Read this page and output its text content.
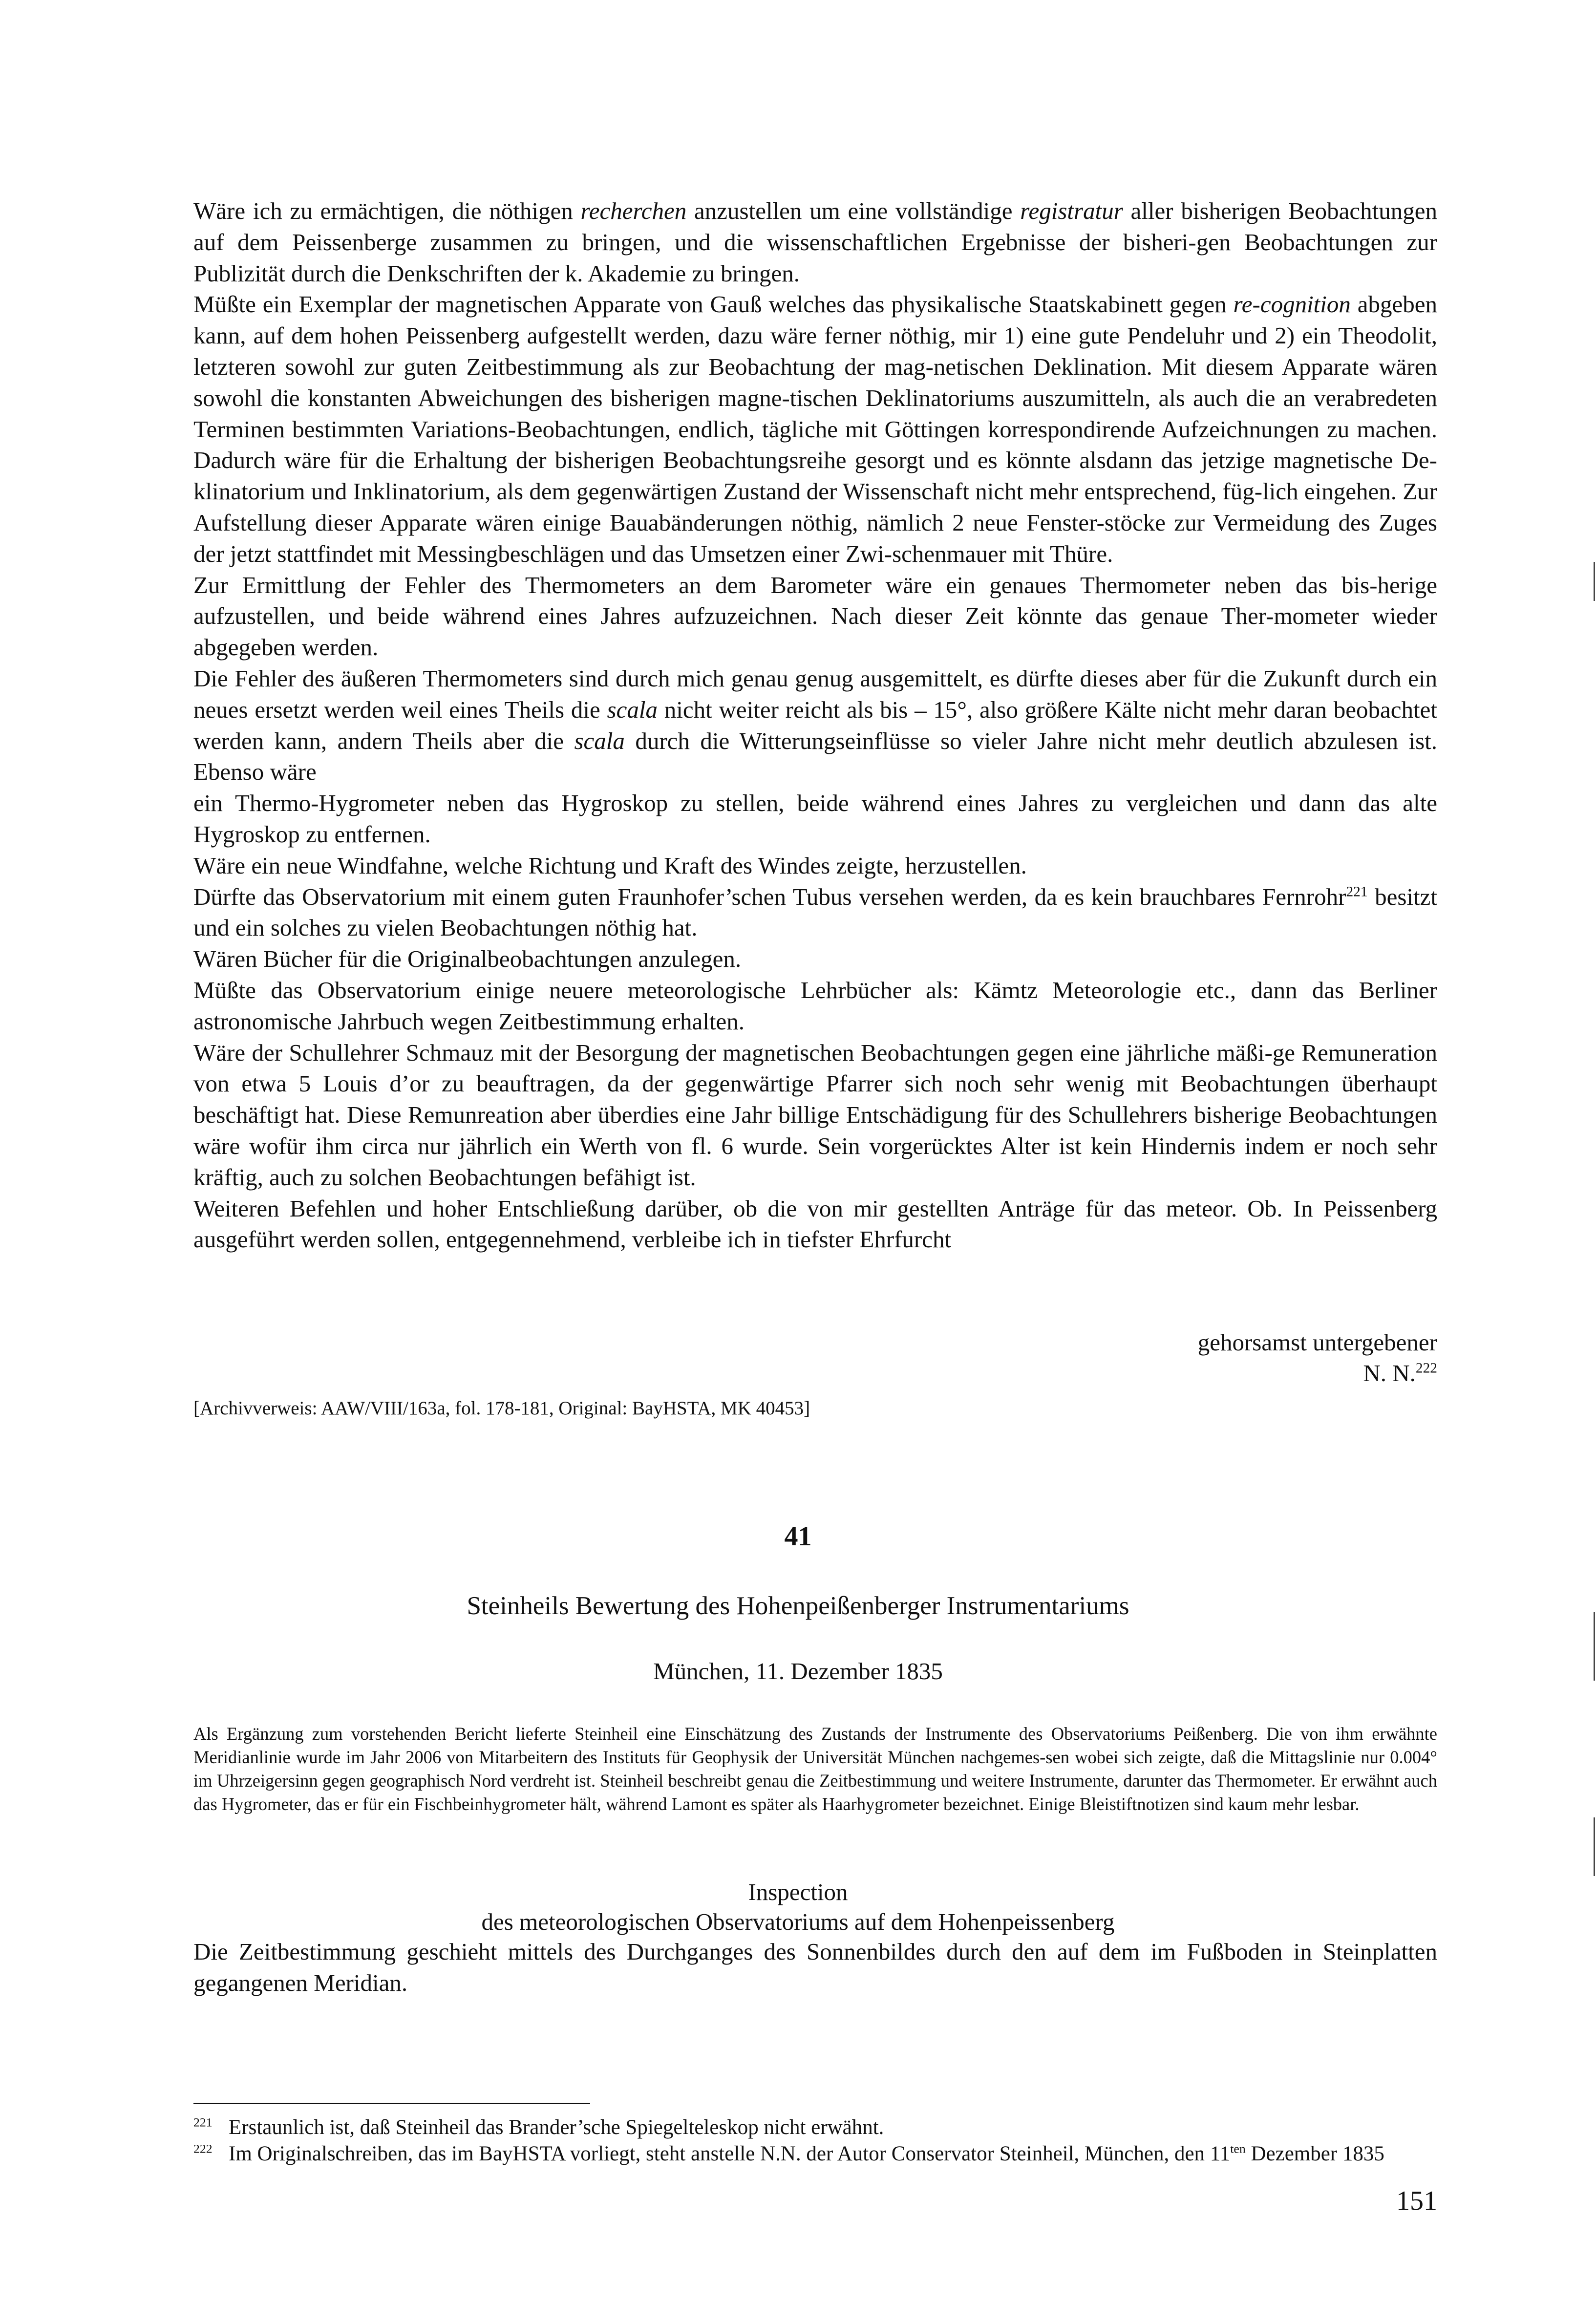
Wäre ich zu ermächtigen, die nöthigen recherchen anzustellen um eine vollständige registratur aller bisherigen Beobachtungen auf dem Peissenberge zusammen zu bringen, und die wissenschaftlichen Ergebnisse der bisheri-gen Beobachtungen zur Publizität durch die Denkschriften der k. Akademie zu bringen.

Müßte ein Exemplar der magnetischen Apparate von Gauß welches das physikalische Staatskabinett gegen re-cognition abgeben kann, auf dem hohen Peissenberg aufgestellt werden, dazu wäre ferner nöthig, mir 1) eine gute Pendeluhr und 2) ein Theodolit, letzteren sowohl zur guten Zeitbestimmung als zur Beobachtung der mag-netischen Deklination. Mit diesem Apparate wären sowohl die konstanten Abweichungen des bisherigen magne-tischen Deklinatoriums auszumitteln, als auch die an verabredeten Terminen bestimmten Variations-Beobachtungen, endlich, tägliche mit Göttingen korrespondirende Aufzeichnungen zu machen. Dadurch wäre für die Erhaltung der bisherigen Beobachtungsreihe gesorgt und es könnte alsdann das jetzige magnetische De-klinatorium und Inklinatorium, als dem gegenwärtigen Zustand der Wissenschaft nicht mehr entsprechend, füg-lich eingehen. Zur Aufstellung dieser Apparate wären einige Bauabänderungen nöthig, nämlich 2 neue Fenster-stöcke zur Vermeidung des Zuges der jetzt stattfindet mit Messingbeschlägen und das Umsetzen einer Zwi-schenmauer mit Thüre.

Zur Ermittlung der Fehler des Thermometers an dem Barometer wäre ein genaues Thermometer neben das bis-herige aufzustellen, und beide während eines Jahres aufzuzeichnen. Nach dieser Zeit könnte das genaue Ther-mometer wieder abgegeben werden.

Die Fehler des äußeren Thermometers sind durch mich genau genug ausgemittelt, es dürfte dieses aber für die Zukunft durch ein neues ersetzt werden weil eines Theils die scala nicht weiter reicht als bis – 15°, also größere Kälte nicht mehr daran beobachtet werden kann, andern Theils aber die scala durch die Witterungseinflüsse so vieler Jahre nicht mehr deutlich abzulesen ist. Ebenso wäre

ein Thermo-Hygrometer neben das Hygroskop zu stellen, beide während eines Jahres zu vergleichen und dann das alte Hygroskop zu entfernen.

Wäre ein neue Windfahne, welche Richtung und Kraft des Windes zeigte, herzustellen.

Dürfte das Observatorium mit einem guten Fraunhofer’schen Tubus versehen werden, da es kein brauchbares Fernrohr$^{221}$ besitzt und ein solches zu vielen Beobachtungen nöthig hat.

Wären Bücher für die Originalbeobachtungen anzulegen.

Müßte das Observatorium einige neuere meteorologische Lehrbücher als: Kämtz Meteorologie etc., dann das Berliner astronomische Jahrbuch wegen Zeitbestimmung erhalten.

Wäre der Schullehrer Schmauz mit der Besorgung der magnetischen Beobachtungen gegen eine jährliche mäßi-ge Remuneration von etwa 5 Louis d’or zu beauftragen, da der gegenwärtige Pfarrer sich noch sehr wenig mit Beobachtungen überhaupt beschäftigt hat. Diese Remunreation aber überdies eine Jahr billige Entschädigung für des Schullehrers bisherige Beobachtungen wäre wofür ihm circa nur jährlich ein Werth von fl. 6 wurde. Sein vorgerücktes Alter ist kein Hindernis indem er noch sehr kräftig, auch zu solchen Beobachtungen befähigt ist.

Weiteren Befehlen und hoher Entschließung darüber, ob die von mir gestellten Anträge für das meteor. Ob. In Peissenberg ausgeführt werden sollen, entgegennehmend, verbleibe ich in tiefster Ehrfurcht

gehorsamst untergebener
N. N.$^{222}$
[Archivverweis: AAW/VIII/163a, fol. 178-181, Original: BayHSTA, MK 40453]
41
Steinheils Bewertung des Hohenpeißenberger Instrumentariums
München, 11. Dezember 1835
Als Ergänzung zum vorstehenden Bericht lieferte Steinheil eine Einschätzung des Zustands der Instrumente des Observatoriums Peißenberg. Die von ihm erwähnte Meridianlinie wurde im Jahr 2006 von Mitarbeitern des Instituts für Geophysik der Universität München nachgemes-sen wobei sich zeigte, daß die Mittagslinie nur 0.004° im Uhrzeigersinn gegen geographisch Nord verdreht ist. Steinheil beschreibt genau die Zeitbestimmung und weitere Instrumente, darunter das Thermometer. Er erwähnt auch das Hygrometer, das er für ein Fischbeinhygrometer hält, während Lamont es später als Haarhygrometer bezeichnet. Einige Bleistiftnotizen sind kaum mehr lesbar.
Inspection
des meteorologischen Observatoriums auf dem Hohenpeissenberg
Die Zeitbestimmung geschieht mittels des Durchganges des Sonnenbildes durch den auf dem im Fußboden in Steinplatten gegangenen Meridian.
$^{221}$ Erstaunlich ist, daß Steinheil das Brander’sche Spiegelteleskop nicht erwähnt.
$^{222}$ Im Originalschreiben, das im BayHSTA vorliegt, steht anstelle N.N. der Autor Conservator Steinheil, München, den $11^{ten}$ Dezember 1835
151
